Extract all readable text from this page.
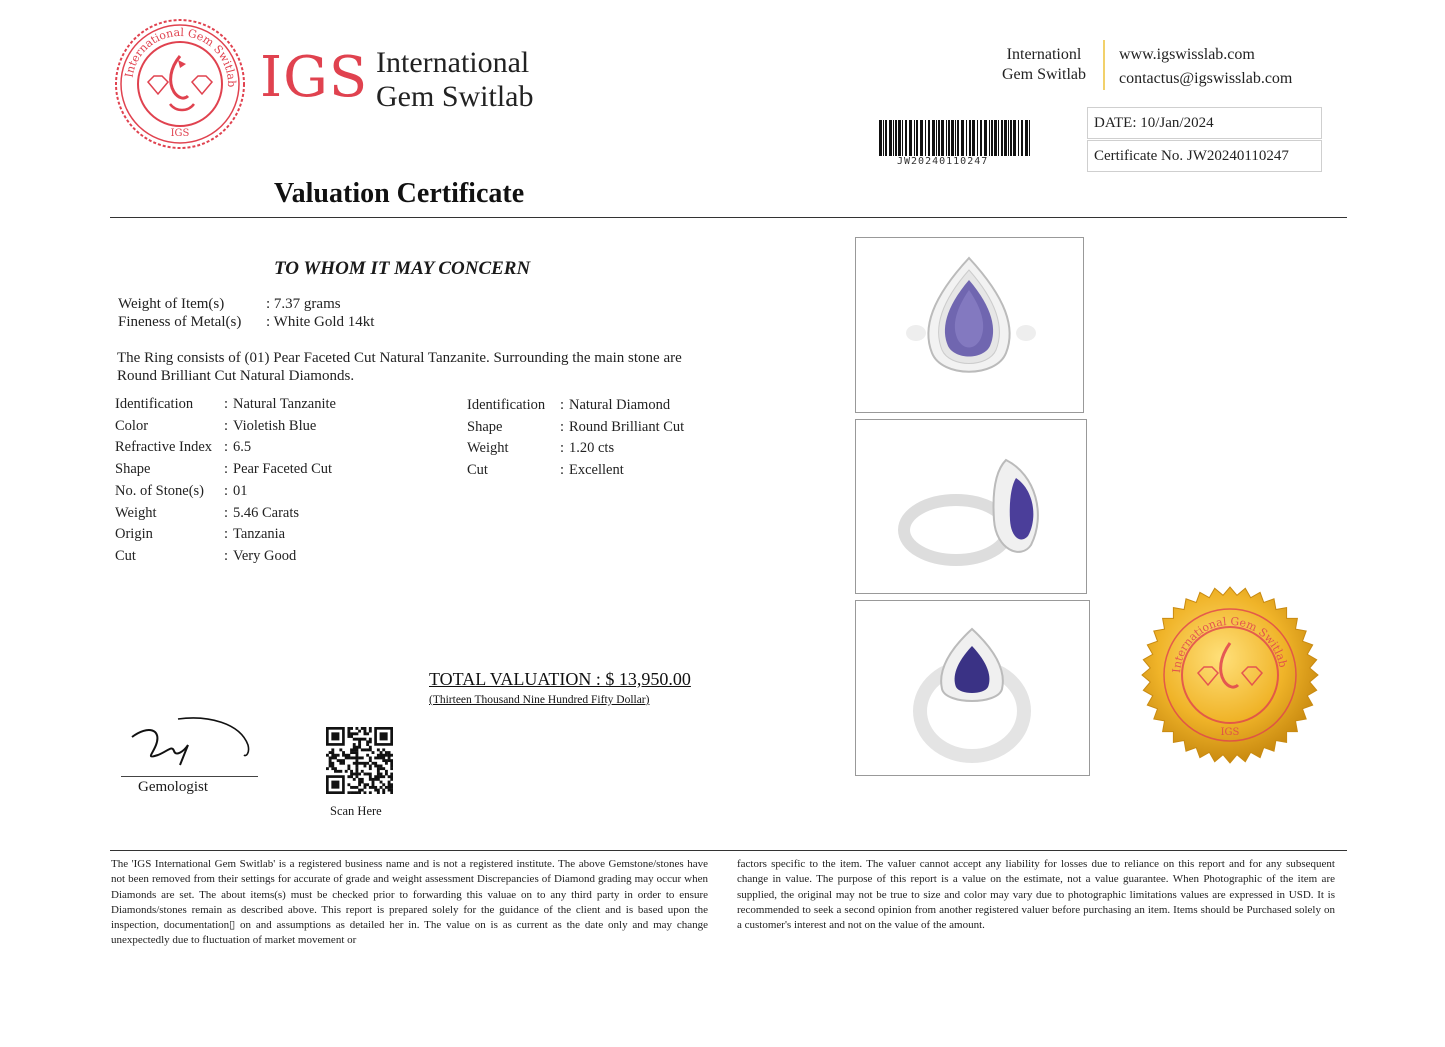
International Gem Switlab
IGS
IGS International
Gem Switlab
Internationl
Gem Switlab
www.igswisslab.com
contactus@igswisslab.com
JW20240110247
DATE: 10/Jan/2024
Certificate No. JW20240110247
Valuation Certificate
TO WHOM IT MAY CONCERN
Weight of Item(s)	: 7.37 grams
Fineness of Metal(s) : White Gold 14kt
The Ring consists of (01) Pear Faceted Cut Natural Tanzanite. Surrounding the main stone are Round Brilliant Cut Natural Diamonds.
Identification : Natural Tanzanite
Color	: Violetish Blue
Refractive Index : 6.5
Shape	: Pear Faceted Cut
No. of Stone(s) : 01
Weight	: 5.46 Carats
Origin	: Tanzania
Cut	: Very Good
Identification : Natural Diamond
Shape	: Round Brilliant Cut
Weight	: 1.20 cts
Cut	: Excellent
TOTAL VALUATION : $ 13,950.00
(Thirteen Thousand Nine Hundred Fifty Dollar)
Gemologist
Scan Here
International Gem Switlab
IGS
The 'IGS International Gem Switlab' is a registered business name and is not a registered institute. The above Gemstone/stones have not been removed from their settings for accurate of grade and weight assessment Discrepancies of Diamond grading may occur when Diamonds are set. The about items(s) must be checked prior to forwarding this valuae on to any third party in order to ensure Diamonds/stones remain as described above. This report is prepared solely for the guidance of the client and is based upon the inspection, documentation▯ on and assumptions as detailed her in. The value on is as current as the date only and may change unexpectedly due to fluctuation of market movement or
factors specific to the item. The vaIuer cannot accept any liability for losses due to reliance on this report and for any subsequent change in value. The purpose of this report is a value on the estimate, not a value guarantee. When Photographic of the item arе supplied, the original may not be true to size and color may vary due to photographic limitations values are expressed in USD. It is recommended to seek a second opinion from another registered valuer before purchasinɡ an item. Items should be Purchased solely on a customer's interest and not on the value of the amount.
